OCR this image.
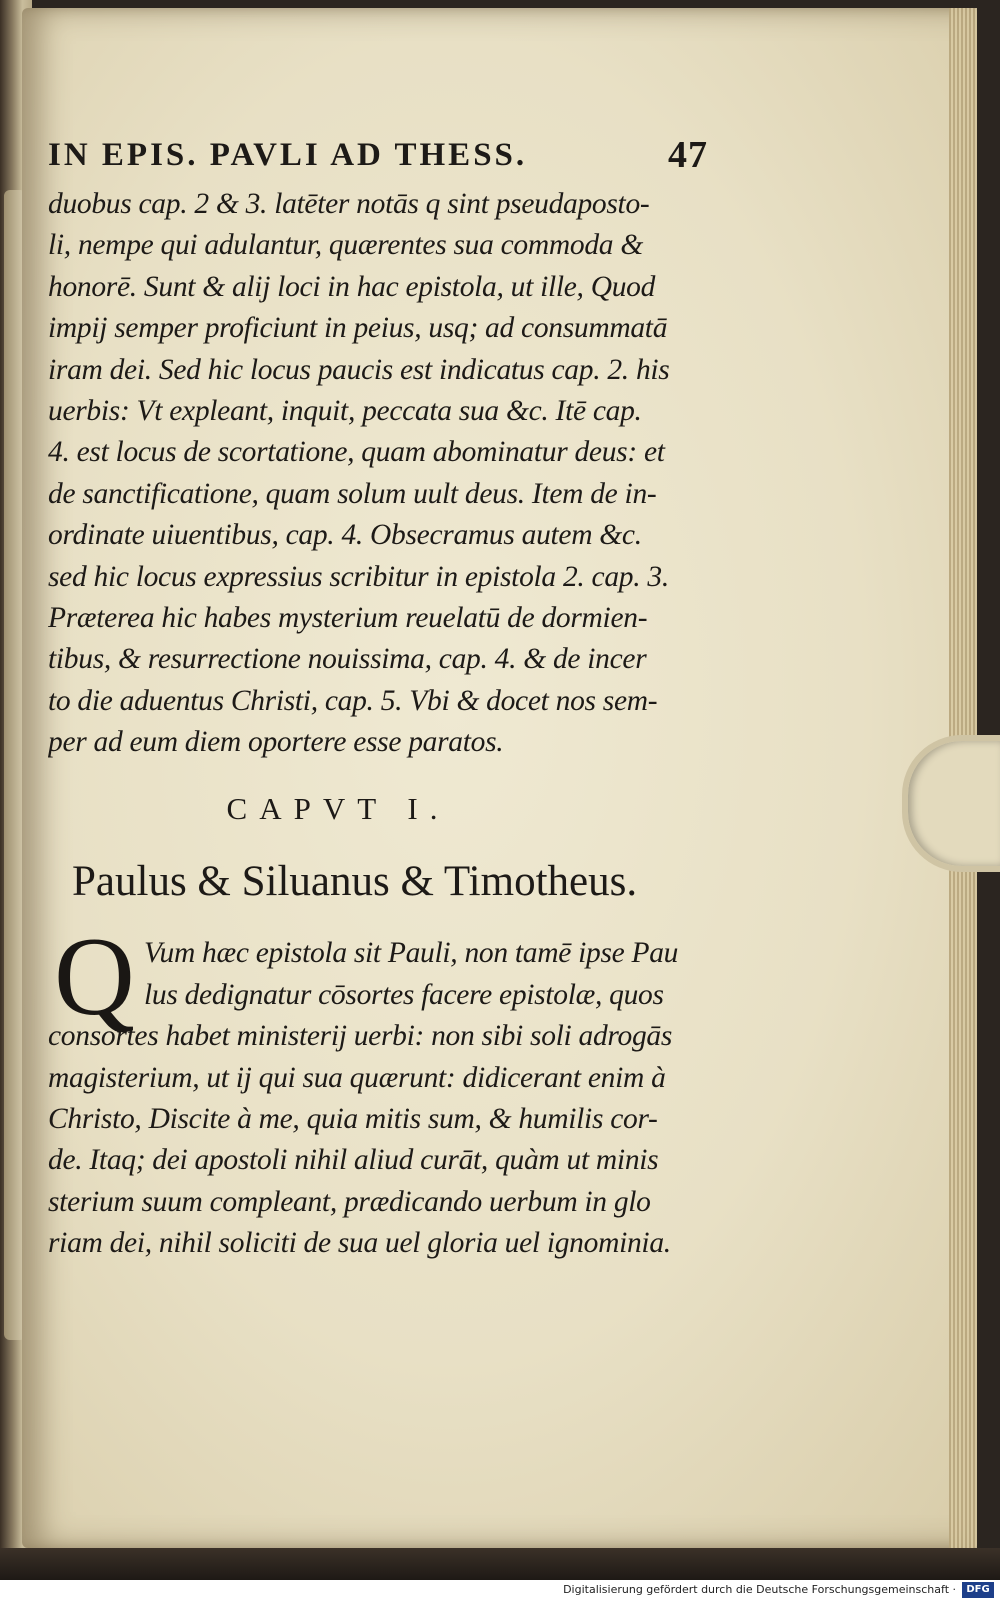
IN EPIS. PAVLI AD THESS.	47
duobus cap. 2 & 3. latēter notās q sint pseudaposto-
li, nempe qui adulantur, quærentes sua commoda &
honorē. Sunt & alij loci in hac epistola, ut ille, Quod
impij semper proficiunt in peius, usq; ad consummatā
iram dei. Sed hic locus paucis est indicatus cap. 2. his
uerbis: Vt expleant, inquit, peccata sua &c. Itē cap.
4. est locus de scortatione, quam abominatur deus: et
de sanctificatione, quam solum uult deus. Item de in-
ordinate uiuentibus, cap. 4. Obsecramus autem &c.
sed hic locus expressius scribitur in epistola 2. cap. 3.
Præterea hic habes mysterium reuelatū de dormien-
tibus, & resurrectione nouissima, cap. 4. & de incer
to die aduentus Christi, cap. 5. Vbi & docet nos sem-
per ad eum diem oportere esse paratos.
CAPVT I.
Paulus & Siluanus & Timotheus.
Q Vum hæc epistola sit Pauli, non tamē ipse Pau
lus dedignatur cōsortes facere epistolæ, quos
consortes habet ministerij uerbi: non sibi soli adrogās
magisterium, ut ij qui sua quærunt: didicerant enim à
Christo, Discite à me, quia mitis sum, & humilis cor-
de. Itaq; dei apostoli nihil aliud curāt, quàm ut minis
sterium suum compleant, prædicando uerbum in glo
riam dei, nihil soliciti de sua uel gloria uel ignominia.
Digitalisierung gefördert durch die Deutsche Forschungsgemeinschaft ·	DFG
